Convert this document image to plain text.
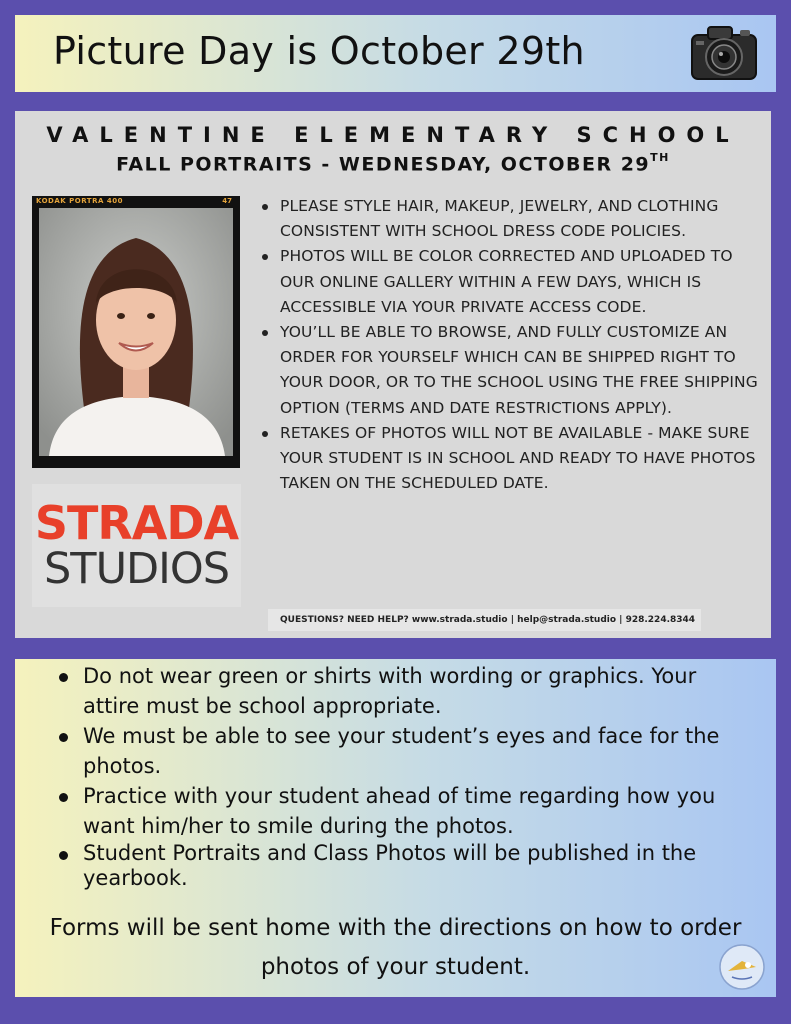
Picture Day is October 29th
VALENTINE ELEMENTARY SCHOOL
FALL PORTRAITS - WEDNESDAY, OCTOBER 29TH
KODAK PORTRA 400	47
STRADA
STUDIOS
PLEASE STYLE HAIR, MAKEUP, JEWELRY, AND CLOTHING CONSISTENT WITH SCHOOL DRESS CODE POLICIES.
PHOTOS WILL BE COLOR CORRECTED AND UPLOADED TO OUR ONLINE GALLERY WITHIN A FEW DAYS, WHICH IS ACCESSIBLE VIA YOUR PRIVATE ACCESS CODE.
YOU’LL BE ABLE TO BROWSE, AND FULLY CUSTOMIZE AN ORDER FOR YOURSELF WHICH CAN BE SHIPPED RIGHT TO YOUR DOOR, OR TO THE SCHOOL USING THE FREE SHIPPING OPTION (TERMS AND DATE RESTRICTIONS APPLY).
RETAKES OF PHOTOS WILL NOT BE AVAILABLE - MAKE SURE YOUR STUDENT IS IN SCHOOL AND READY TO HAVE PHOTOS TAKEN ON THE SCHEDULED DATE.
QUESTIONS? NEED HELP? www.strada.studio | help@strada.studio | 928.224.8344
Do not wear green or shirts with wording or graphics. Your attire must be school appropriate.
We must be able to see your student’s eyes and face for the photos.
Practice with your student ahead of time regarding how you want him/her to smile during the photos.
Student Portraits and Class Photos will be published in the yearbook.
Forms will be sent home with the directions on how to order photos of your student.
